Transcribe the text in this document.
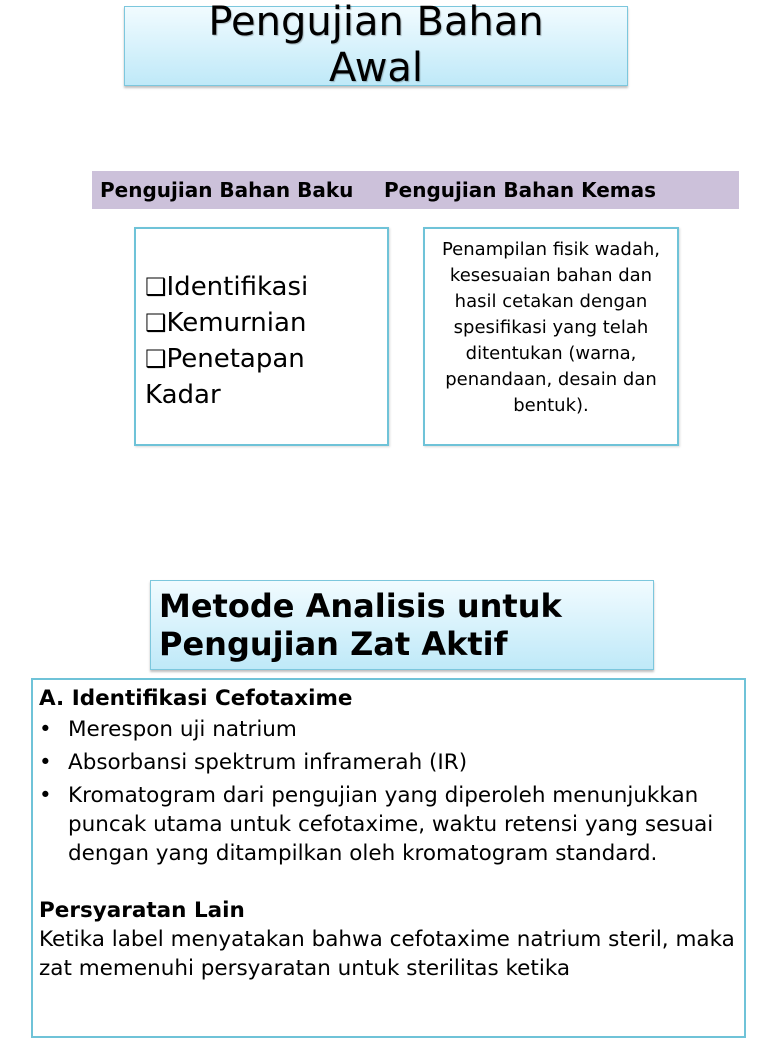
Pengujian Bahan
Awal
Pengujian Bahan Baku	Pengujian Bahan Kemas
❑Identifikasi
❑Kemurnian
❑Penetapan Kadar
Penampilan fisik wadah, kesesuaian bahan dan hasil cetakan dengan spesifikasi yang telah ditentukan (warna, penandaan, desain dan bentuk).
Metode Analisis untuk Pengujian Zat Aktif
A. Identifikasi Cefotaxime
• Merespon uji natrium
• Absorbansi spektrum inframerah (IR)
• Kromatogram dari pengujian yang diperoleh menunjukkan puncak utama untuk cefotaxime, waktu retensi yang sesuai dengan yang ditampilkan oleh kromatogram standard.
Persyaratan Lain
Ketika label menyatakan bahwa cefotaxime natrium steril, maka zat memenuhi persyaratan untuk sterilitas ketika
